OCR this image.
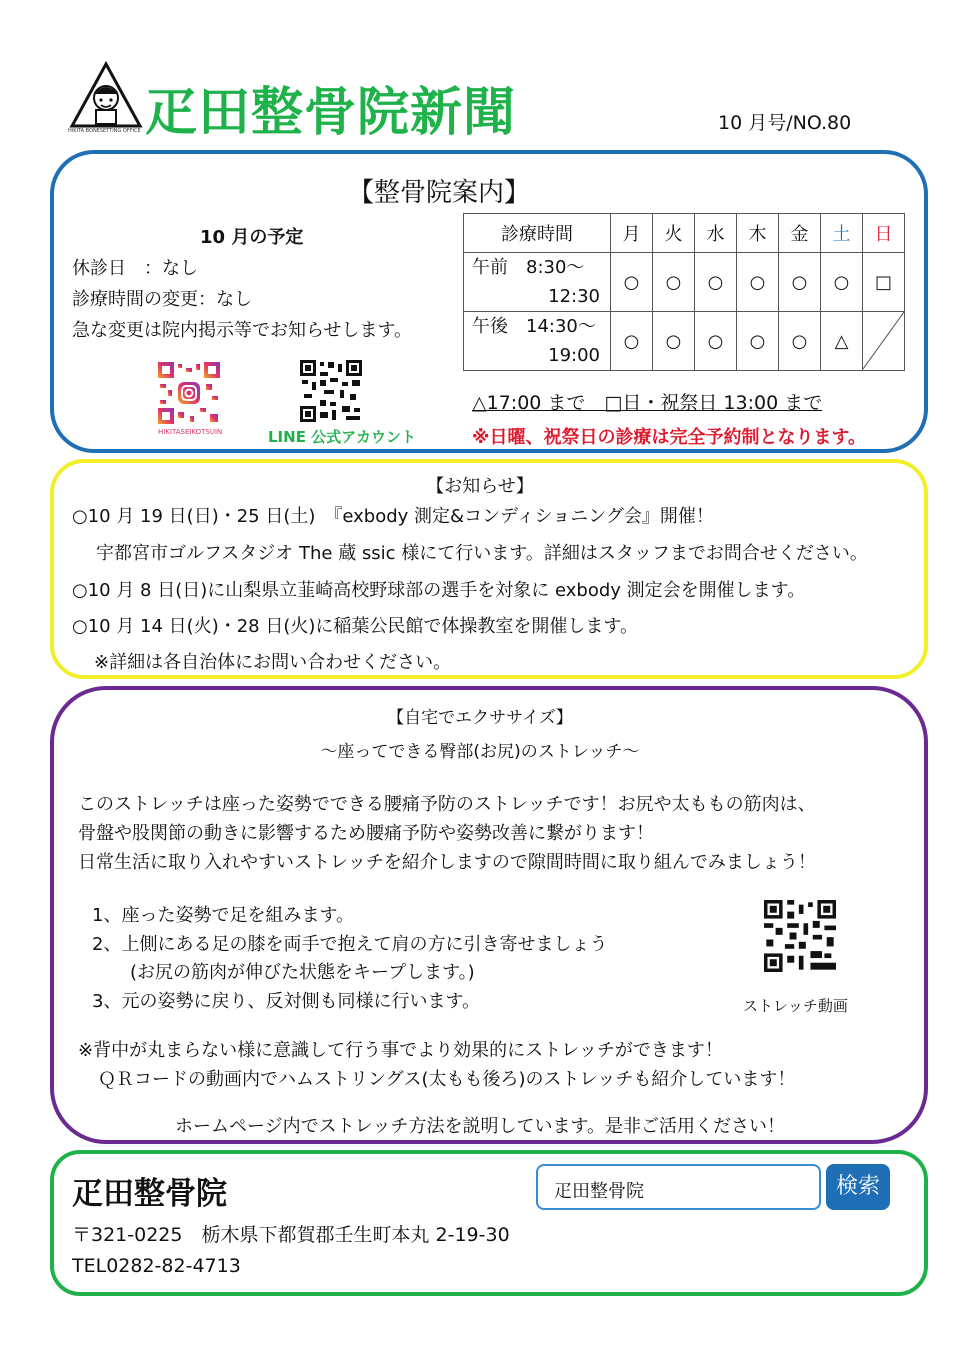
HIKITA BONESETTING OFFICE 疋田整骨院新聞	10 月号/NO.80
【整骨院案内】
10 月の予定
休診日　：なし
診療時間の変更：なし
急な変更は院内掲示等でお知らせします。
HIKITASEIKOTSUIN	LINE 公式アカウント
診療時間	月	火	水	木	金	土	日
午前　8:30〜
12:30	○	○	○	○	○	○	□
午後　14:30〜
19:00	○	○	○	○	○	△	
△17:00 まで　□日・祝祭日 13:00 まで
※日曜、祝祭日の診療は完全予約制となります。
【お知らせ】
○10 月 19 日(日)・25 日(土)　『exbody 測定&コンディショニング会』開催！
宇都宮市ゴルフスタジオ The 蔵 ssic 様にて行います。詳細はスタッフまでお問合せください。
○10 月 8 日(日)に山梨県立韮崎高校野球部の選手を対象に exbody 測定会を開催します。
○10 月 14 日(火)・28 日(火)に稲葉公民館で体操教室を開催します。
※詳細は各自治体にお問い合わせください。
【自宅でエクササイズ】
〜座ってできる臀部(お尻)のストレッチ〜
このストレッチは座った姿勢でできる腰痛予防のストレッチです！お尻や太ももの筋肉は、
骨盤や股関節の動きに影響するため腰痛予防や姿勢改善に繋がります！
日常生活に取り入れやすいストレッチを紹介しますので隙間時間に取り組んでみましょう！
1、座った姿勢で足を組みます。
2、上側にある足の膝を両手で抱えて肩の方に引き寄せましょう
(お尻の筋肉が伸びた状態をキープします。)
3、元の姿勢に戻り、反対側も同様に行います。	ストレッチ動画
※背中が丸まらない様に意識して行う事でより効果的にストレッチができます！
ＱＲコードの動画内でハムストリングス(太もも後ろ)のストレッチも紹介しています！
ホームページ内でストレッチ方法を説明しています。是非ご活用ください！
疋田整骨院	疋田整骨院	検索
〒321-0225　栃木県下都賀郡壬生町本丸 2-19-30
TEL0282-82-4713
